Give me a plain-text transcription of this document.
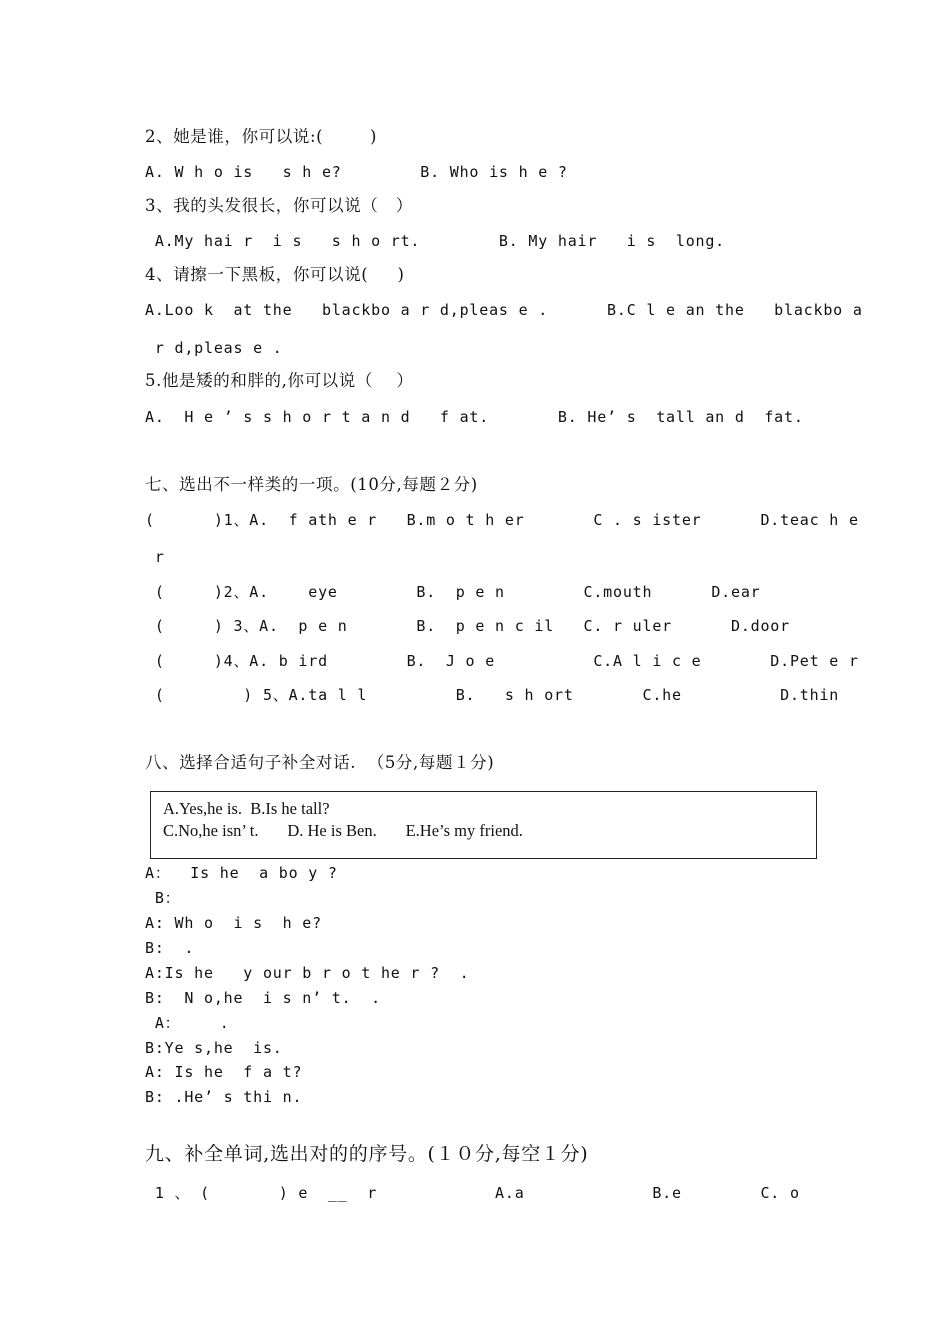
2、她是谁，你可以说:(        )
A. W h o is   s h e?        B. Who is h e ?
3、我的头发很长，你可以说（   ）
A.My hai r  i s   s h o rt.        B. My hair   i s  long.
4、请擦一下黑板，你可以说(     )
A.Loo k  at the   blackbo a r d,pleas e .      B.C l e an the   blackbo a
r d,pleas e .
5.他是矮的和胖的,你可以说（    ）
A.  H e ’ s s h o r t a n d   f at.       B. He’ s  tall an d  fat.
七、选出不一样类的一项。(10分,每题２分)
(      )1、A.  f ath e r   B.m o t h er       C . s ister      D.teac h e
r
(     )2、A.    eye        B.  p e n        C.mouth      D.ear
(     ) 3、A.  p e n       B.  p e n c il   C. r uler      D.door
(     )4、A. b ird        B.  J o e          C.A l i c e       D.Pet e r
(        ) 5、A.ta l l         B.   s h ort       C.he          D.thin
八、选择合适句子补全对话.  （5分,每题１分)
A.Yes,he is.  B.Is he tall?
C.No,he isn’ t.       D. He is Ben.       E.He’s my friend.
A：  Is he  a bo y ?
B：
A: Wh o  i s  h e?
B:  .
A:Is he   y our b r o t he r ?  .
B:  N o,he  i s n’ t.  .
A：    .
B:Ye s,he  is.
A: Is he  f a t?
B: .He’ s thi n.
九、补全单词,选出对的的序号。(１０分,每空１分)
1 、 (       ) e  __  r            A.a             B.e        C. o
